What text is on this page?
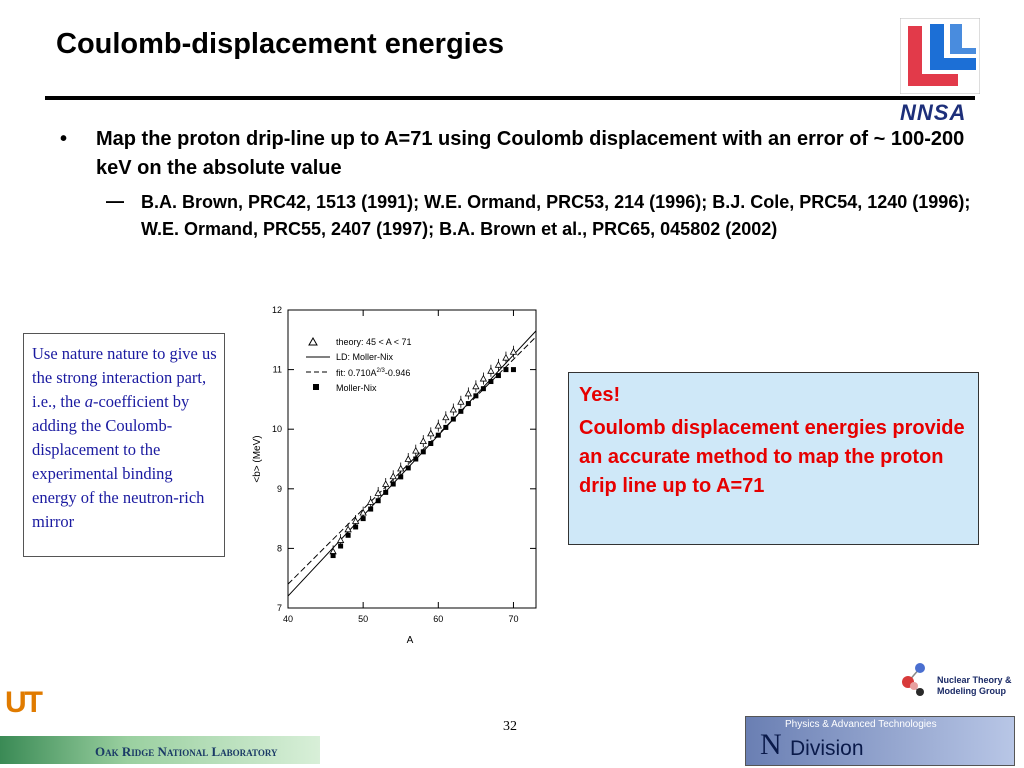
Coulomb-displacement energies
NNSA
• Map the proton drip-line up to A=71 using Coulomb displacement with an error of ~ 100-200 keV on the absolute value
— B.A. Brown, PRC42, 1513 (1991); W.E. Ormand, PRC53, 214 (1996); B.J. Cole, PRC54, 1240 (1996); W.E. Ormand, PRC55, 2407 (1997); B.A. Brown et al., PRC65, 045802 (2002)
Use nature nature to give us the strong interaction part, i.e., the a-coefficient by adding the Coulomb-displacement to the experimental binding energy of the neutron-rich mirror

Yes!

Coulomb displacement energies provide an accurate method to map the proton drip line up to A=71

40	50	60	70
7
8
9
10
11
12
theory: 45 < A < 71
LD: Moller-Nix
fit: $0.710A^{2/3}-0.946$
Moller-Nix
A
<b> (MeV)
UT
Oak Ridge National Laboratory
32
Nuclear Theory &
Modeling Group
Physics & Advanced Technologies
N Division
